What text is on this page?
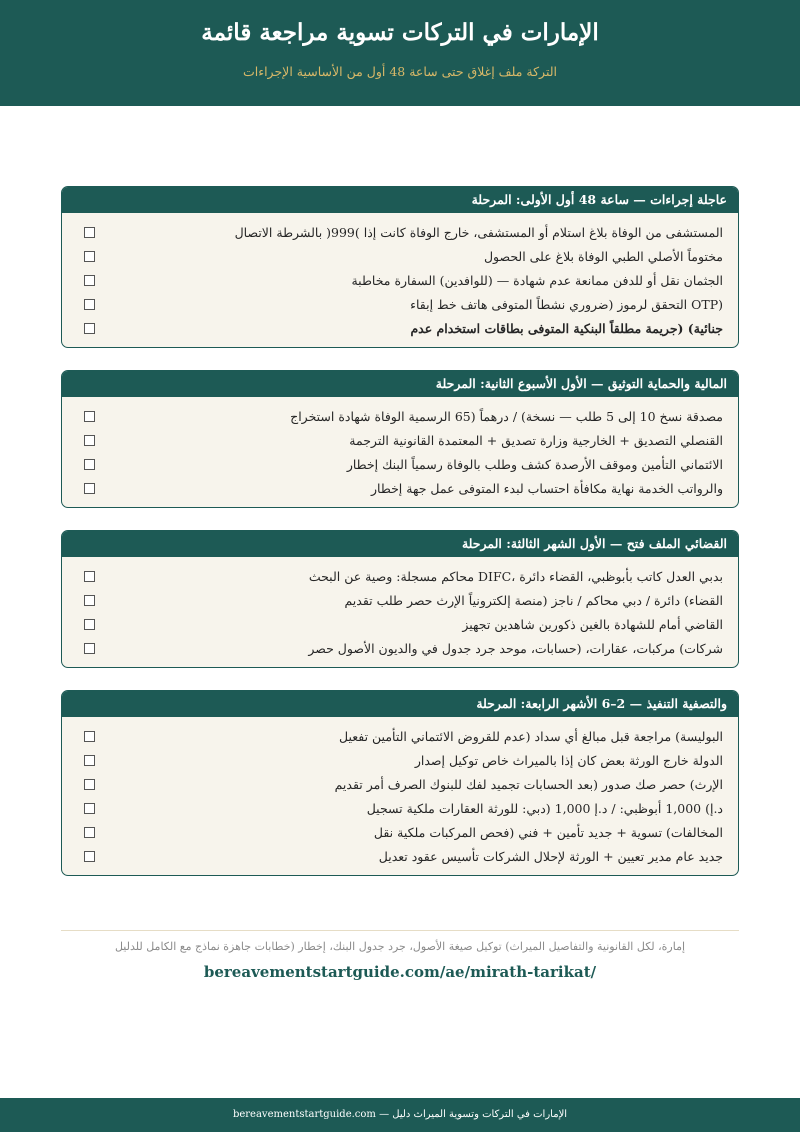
الإمارات في التركات تسوية مراجعة قائمة
التركة ملف إغلاق حتى ساعة 48 أول من الأساسية الإجراءات
عاجلة إجراءات — ساعة 48 أول الأولى: المرحلة
المستشفى من الوفاة بلاغ استلام أو المستشفى، خارج الوفاة كانت إذا )999( بالشرطة الاتصال
مختوماً الأصلي الطبي الوفاة بلاغ على الحصول
الجثمان نقل أو للدفن ممانعة عدم شهادة — (للوافدين) السفارة مخاطبة
(OTP التحقق لرموز (ضروري نشطاً المتوفى هاتف خط إبقاء
جنائية) (جريمة مطلقاً البنكية المتوفى بطاقات استخدام عدم
المالية والحماية التوثيق — الأول الأسبوع الثانية: المرحلة
مصدقة نسخ 10 إلى 5 طلب — نسخة) / درهماً (65 الرسمية الوفاة شهادة استخراج
القنصلي التصديق + الخارجية وزارة تصديق + المعتمدة القانونية الترجمة
الائتماني التأمين وموقف الأرصدة كشف وطلب بالوفاة رسمياً البنك إخطار
والرواتب الخدمة نهاية مكافأة احتساب لبدء المتوفى عمل جهة إخطار
القضائي الملف فتح — الأول الشهر الثالثة: المرحلة
بدبي العدل كاتب بأبوظبي، القضاء دائرة ،DIFC محاكم مسجلة: وصية عن البحث
القضاء) دائرة / دبي محاكم / ناجز (منصة إلكترونياً الإرث حصر طلب تقديم
القاضي أمام للشهادة بالغين ذكورين شاهدين تجهيز
شركات) مركبات، عقارات، (حسابات، موحد جرد جدول في والديون الأصول حصر
والتصفية التنفيذ — 2–6 الأشهر الرابعة: المرحلة
البوليسة) مراجعة قبل مبالغ أي سداد (عدم للقروض الائتماني التأمين تفعيل
الدولة خارج الورثة بعض كان إذا بالميراث خاص توكيل إصدار
الإرث) حصر صك صدور (بعد الحسابات تجميد لفك للبنوك الصرف أمر تقديم
د.إ) 1,000 أبوظبي: / د.إ 1,000 (دبي: للورثة العقارات ملكية تسجيل
المخالفات) تسوية + جديد تأمين + فني (فحص المركبات ملكية نقل
جديد عام مدير تعيين + الورثة لإحلال الشركات تأسيس عقود تعديل
إمارة، لكل القانونية والتفاصيل الميراث) توكيل صيغة الأصول، جرد جدول البنك، إخطار (خطابات جاهزة نماذج مع الكامل للدليل
bereavementstartguide.com/ae/mirath-tarikat/
الإمارات في التركات وتسوية الميراث دليل — bereavementstartguide.com
